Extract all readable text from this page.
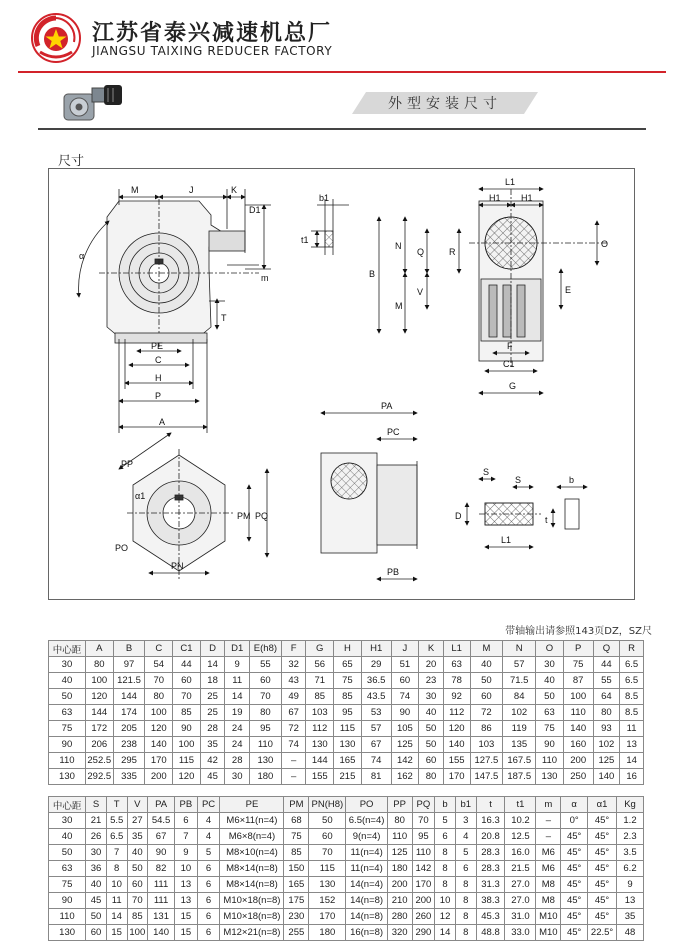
江苏省泰兴减速机总厂
JIANGSU TAIXING REDUCER FACTORY
外型安装尺寸
尺寸
M	J	K
D1
α
m
T
PE
C
H
P
A
b1
t1
L1
H1 H1
B
N
Q	R
O
M
V	E
F
C1
G
PP
α1
PM PQ
PO
PN
PA
PC
PB
S
S
D
L1
b
t
带轴输出请参照143页DZ，SZ尺
中心距	A	B	C	C1	D	D1	E(h8)	F	G	H	H1	J	K	L1	M	N	O	P	Q	R
30	80	97	54	44	14	9	55	32	56	65	29	51	20	63	40	57	30	75	44	6.5
40	100	121.5	70	60	18	11	60	43	71	75	36.5	60	23	78	50	71.5	40	87	55	6.5
50	120	144	80	70	25	14	70	49	85	85	43.5	74	30	92	60	84	50	100	64	8.5
63	144	174	100	85	25	19	80	67	103	95	53	90	40	112	72	102	63	110	80	8.5
75	172	205	120	90	28	24	95	72	112	115	57	105	50	120	86	119	75	140	93	11
90	206	238	140	100	35	24	110	74	130	130	67	125	50	140	103	135	90	160	102	13
110	252.5	295	170	115	42	28	130	–	144	165	74	142	60	155	127.5	167.5	110	200	125	14
130	292.5	335	200	120	45	30	180	–	155	215	81	162	80	170	147.5	187.5	130	250	140	16
中心距	S	T	V	PA	PB	PC	PE	PM	PN(H8)	PO	PP	PQ	b	b1	t	t1	m	α	α1	Kg
30	21	5.5	27	54.5	6	4	M6×11(n=4)	68	50	6.5(n=4)	80	70	5	3	16.3	10.2	–	0°	45°	1.2
40	26	6.5	35	67	7	4	M6×8(n=4)	75	60	9(n=4)	110	95	6	4	20.8	12.5	–	45°	45°	2.3
50	30	7	40	90	9	5	M8×10(n=4)	85	70	11(n=4)	125	110	8	5	28.3	16.0	M6	45°	45°	3.5
63	36	8	50	82	10	6	M8×14(n=8)	150	115	11(n=4)	180	142	8	6	28.3	21.5	M6	45°	45°	6.2
75	40	10	60	111	13	6	M8×14(n=8)	165	130	14(n=4)	200	170	8	8	31.3	27.0	M8	45°	45°	9
90	45	11	70	111	13	6	M10×18(n=8)	175	152	14(n=8)	210	200	10	8	38.3	27.0	M8	45°	45°	13
110	50	14	85	131	15	6	M10×18(n=8)	230	170	14(n=8)	280	260	12	8	45.3	31.0	M10	45°	45°	35
130	60	15	100	140	15	6	M12×21(n=8)	255	180	16(n=8)	320	290	14	8	48.8	33.0	M10	45°	22.5°	48
